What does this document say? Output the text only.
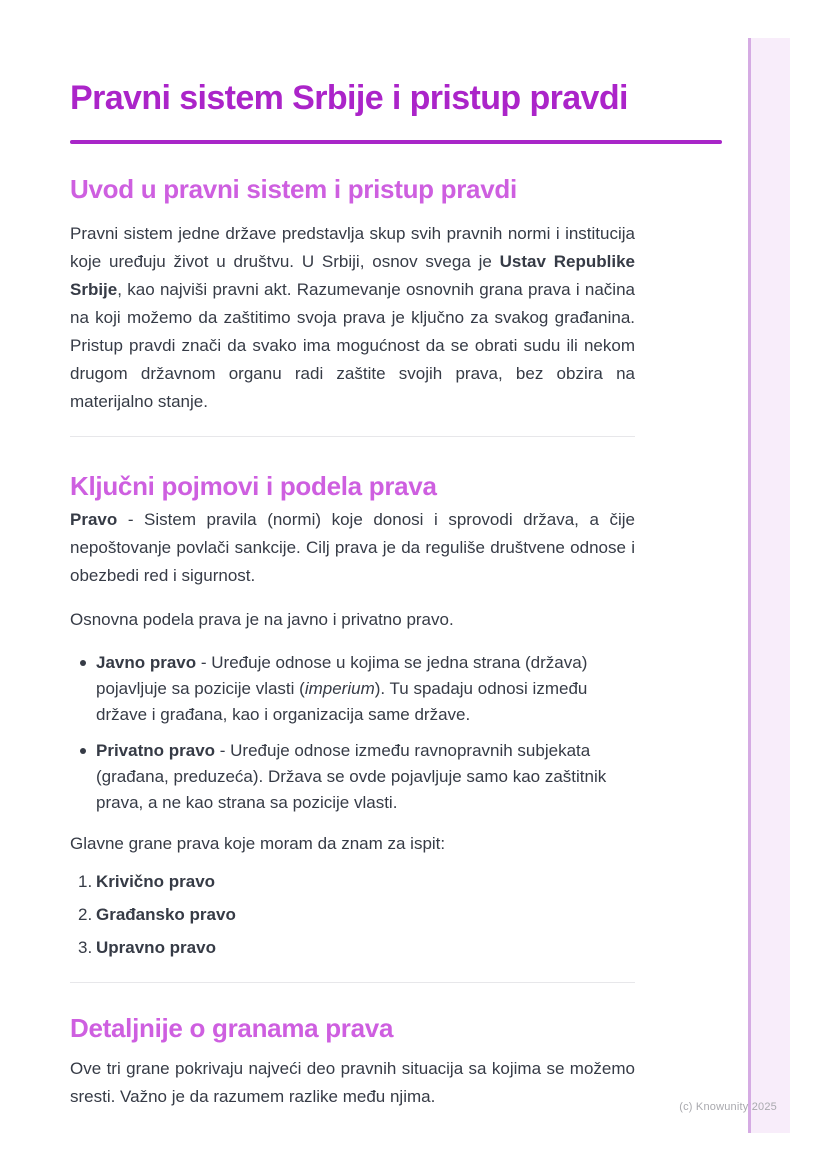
Pravni sistem Srbije i pristup pravdi
Uvod u pravni sistem i pristup pravdi

Pravni sistem jedne države predstavlja skup svih pravnih normi i institucija koje uređuju život u društvu. U Srbiji, osnov svega je Ustav Republike Srbije, kao najviši pravni akt. Razumevanje osnovnih grana prava i načina na koji možemo da zaštitimo svoja prava je ključno za svakog građanina. Pristup pravdi znači da svako ima mogućnost da se obrati sudu ili nekom drugom državnom organu radi zaštite svojih prava, bez obzira na materijalno stanje.

Ključni pojmovi i podela prava

Pravo - Sistem pravila (normi) koje donosi i sprovodi država, a čije nepoštovanje povlači sankcije. Cilj prava je da reguliše društvene odnose i obezbedi red i sigurnost.

Osnovna podela prava je na javno i privatno pravo.

Javno pravo - Uređuje odnose u kojima se jedna strana (država) pojavljuje sa pozicije vlasti (imperium). Tu spadaju odnosi između države i građana, kao i organizacija same države.
Privatno pravo - Uređuje odnose između ravnopravnih subjekata (građana, preduzeća). Država se ovde pojavljuje samo kao zaštitnik prava, a ne kao strana sa pozicije vlasti.

Glavne grane prava koje moram da znam za ispit:

1. Krivično pravo
2. Građansko pravo
3. Upravno pravo
Detaljnije o granama prava

Ove tri grane pokrivaju najveći deo pravnih situacija sa kojima se možemo sresti. Važno je da razumem razlike među njima.

(c) Knowunity 2025
